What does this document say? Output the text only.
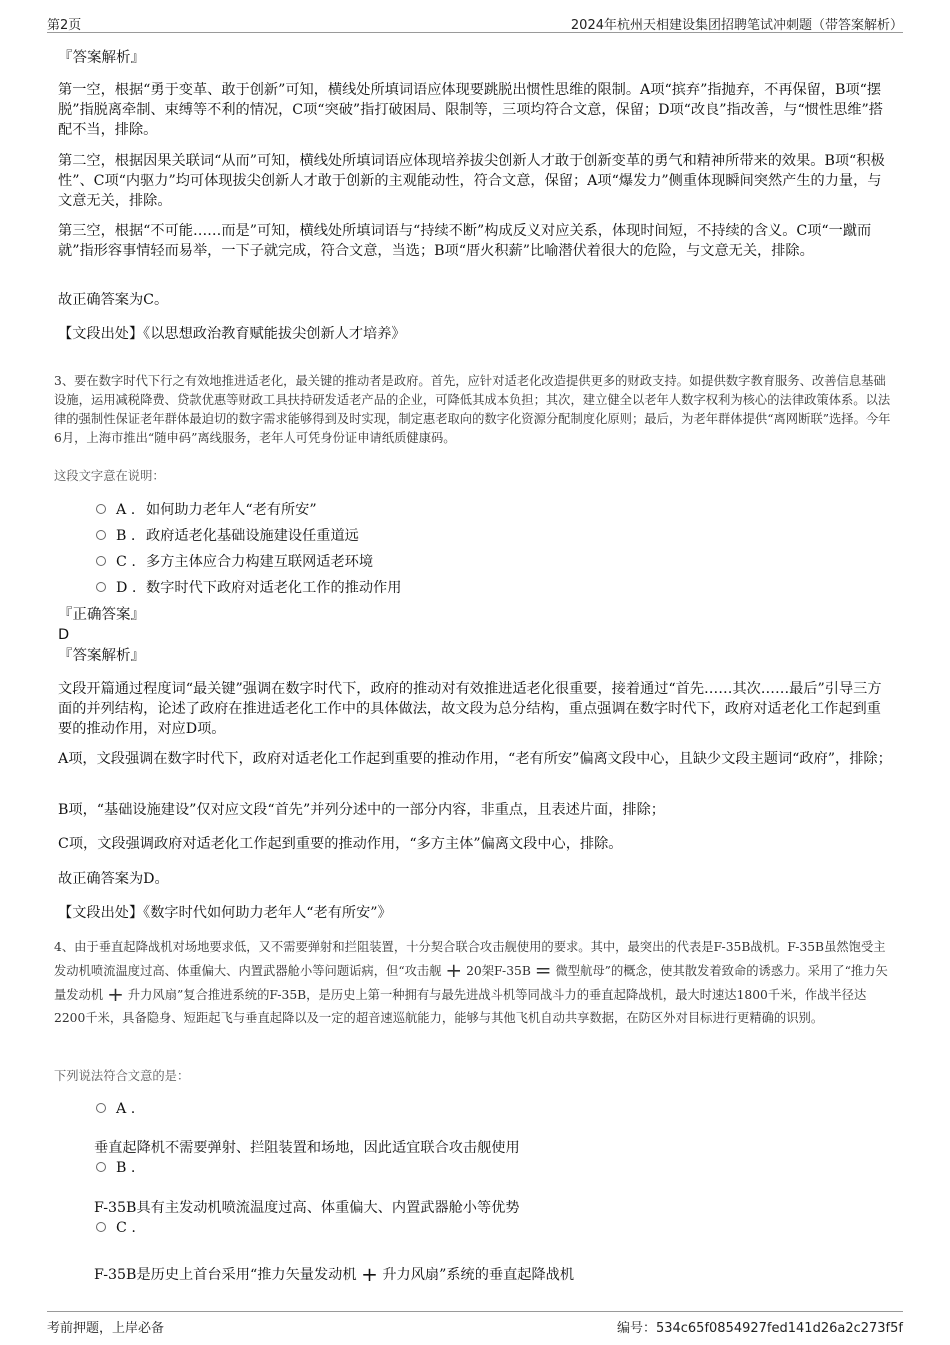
第2页	2024年杭州天相建设集团招聘笔试冲刺题（带答案解析）
『答案解析』

第一空，根据“勇于变革、敢于创新”可知，横线处所填词语应体现要跳脱出惯性思维的限制。A项“摈弃”指抛弃，不再保留，B项“摆脱”指脱离牵制、束缚等不利的情况，C项“突破”指打破困局、限制等，三项均符合文意，保留；D项“改良”指改善，与“惯性思维”搭配不当，排除。

第二空，根据因果关联词“从而”可知，横线处所填词语应体现培养拔尖创新人才敢于创新变革的勇气和精神所带来的效果。B项“积极性”、C项“内驱力”均可体现拔尖创新人才敢于创新的主观能动性，符合文意，保留；A项“爆发力”侧重体现瞬间突然产生的力量，与文意无关，排除。

第三空，根据“不可能……而是”可知，横线处所填词语与“持续不断”构成反义对应关系，体现时间短，不持续的含义。C项“一蹴而就”指形容事情轻而易举，一下子就完成，符合文意，当选；B项“厝火积薪”比喻潜伏着很大的危险，与文意无关，排除。

故正确答案为C。

【文段出处】《以思想政治教育赋能拔尖创新人才培养》

3、要在数字时代下行之有效地推进适老化，最关键的推动者是政府。首先，应针对适老化改造提供更多的财政支持。如提供数字教育服务、改善信息基础设施，运用减税降费、贷款优惠等财政工具扶持研发适老产品的企业，可降低其成本负担；其次，建立健全以老年人数字权利为核心的法律政策体系。以法律的强制性保证老年群体最迫切的数字需求能够得到及时实现，制定惠老取向的数字化资源分配制度化原则；最后，为老年群体提供“离网断联”选择。今年6月，上海市推出“随申码”离线服务，老年人可凭身份证申请纸质健康码。

这段文字意在说明：
A . 如何助力老年人“老有所安”
B . 政府适老化基础设施建设任重道远
C . 多方主体应合力构建互联网适老环境
D . 数字时代下政府对适老化工作的推动作用
『正确答案』
D
『答案解析』

文段开篇通过程度词“最关键”强调在数字时代下，政府的推动对有效推进适老化很重要，接着通过“首先……其次……最后”引导三方面的并列结构，论述了政府在推进适老化工作中的具体做法，故文段为总分结构，重点强调在数字时代下，政府对适老化工作起到重要的推动作用，对应D项。

A项，文段强调在数字时代下，政府对适老化工作起到重要的推动作用，“老有所安”偏离文段中心，且缺少文段主题词“政府”，排除；

B项，“基础设施建设”仅对应文段“首先”并列分述中的一部分内容，非重点，且表述片面，排除；

C项，文段强调政府对适老化工作起到重要的推动作用，“多方主体”偏离文段中心，排除。

故正确答案为D。

【文段出处】《数字时代如何助力老年人“老有所安”》

4、由于垂直起降战机对场地要求低，又不需要弹射和拦阻装置，十分契合联合攻击舰使用的要求。其中，最突出的代表是F-35B战机。F-35B虽然饱受主发动机喷流温度过高、体重偏大、内置武器舱小等问题诟病，但“攻击舰 + 20架F-35B = 微型航母”的概念，使其散发着致命的诱惑力。采用了“推力矢量发动机 + 升力风扇”复合推进系统的F-35B，是历史上第一种拥有与最先进战斗机等同战斗力的垂直起降战机，最大时速达1800千米，作战半径达2200千米，具备隐身、短距起飞与垂直起降以及一定的超音速巡航能力，能够与其他飞机自动共享数据，在防区外对目标进行更精确的识别。

下列说法符合文意的是：
A .
垂直起降机不需要弹射、拦阻装置和场地，因此适宜联合攻击舰使用
B .
F-35B具有主发动机喷流温度过高、体重偏大、内置武器舱小等优势
C .
F-35B是历史上首台采用“推力矢量发动机 + 升力风扇”系统的垂直起降战机
考前押题，上岸必备	编号：534c65f0854927fed141d26a2c273f5f
